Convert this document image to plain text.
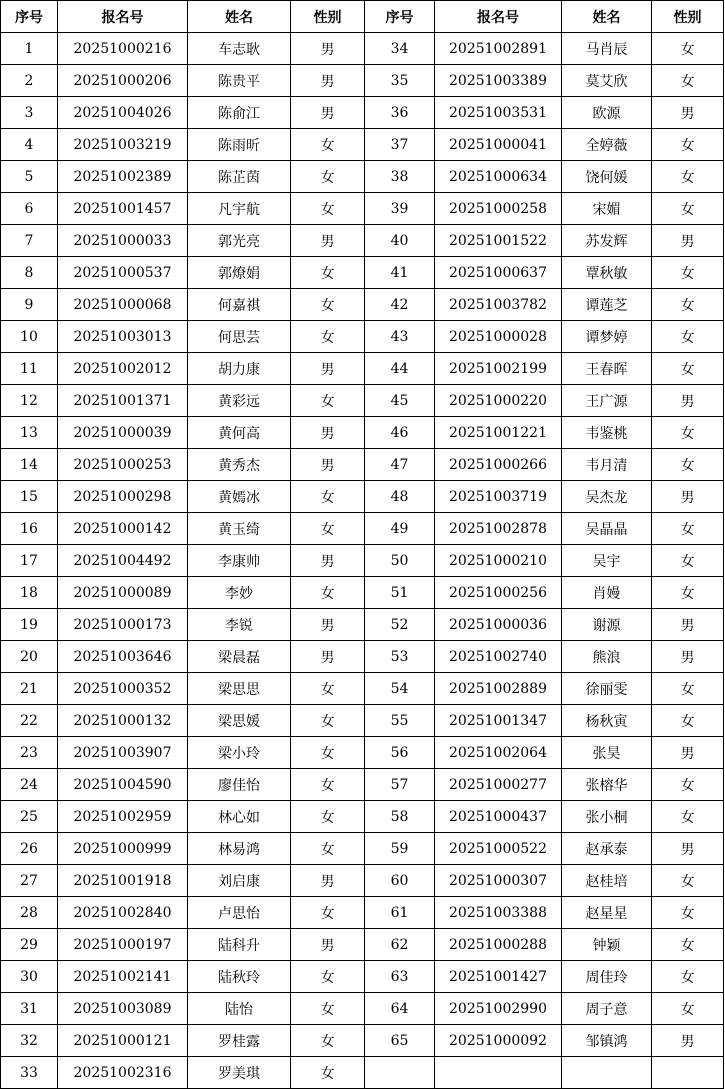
序号	报名号	姓名	性别	序号	报名号	姓名	性别
1	20251000216	车志耿	男	34	20251002891	马肖辰	女
2	20251000206	陈贵平	男	35	20251003389	莫艾欣	女
3	20251004026	陈俞江	男	36	20251003531	欧源	男
4	20251003219	陈雨昕	女	37	20251000041	全婷薇	女
5	20251002389	陈芷茵	女	38	20251000634	饶何媛	女
6	20251001457	凡宇航	女	39	20251000258	宋媚	女
7	20251000033	郭光亮	男	40	20251001522	苏发辉	男
8	20251000537	郭燎娟	女	41	20251000637	覃秋敏	女
9	20251000068	何嘉祺	女	42	20251003782	谭莲芝	女
10	20251003013	何思芸	女	43	20251000028	谭梦婷	女
11	20251002012	胡力康	男	44	20251002199	王春晖	女
12	20251001371	黄彩远	女	45	20251000220	王广源	男
13	20251000039	黄何高	男	46	20251001221	韦鉴桃	女
14	20251000253	黄秀杰	男	47	20251000266	韦月清	女
15	20251000298	黄嫣冰	女	48	20251003719	吴杰龙	男
16	20251000142	黄玉绮	女	49	20251002878	吴晶晶	女
17	20251004492	李康帅	男	50	20251000210	吴宇	女
18	20251000089	李妙	女	51	20251000256	肖嫚	女
19	20251000173	李锐	男	52	20251000036	谢源	男
20	20251003646	梁晨磊	男	53	20251002740	熊浪	男
21	20251000352	梁思思	女	54	20251002889	徐丽雯	女
22	20251000132	梁思媛	女	55	20251001347	杨秋寅	女
23	20251003907	梁小玲	女	56	20251002064	张昊	男
24	20251004590	廖佳怡	女	57	20251000277	张榕华	女
25	20251002959	林心如	女	58	20251000437	张小桐	女
26	20251000999	林易鸿	女	59	20251000522	赵承泰	男
27	20251001918	刘启康	男	60	20251000307	赵桂培	女
28	20251002840	卢思怡	女	61	20251003388	赵星星	女
29	20251000197	陆科升	男	62	20251000288	钟颖	女
30	20251002141	陆秋玲	女	63	20251001427	周佳玲	女
31	20251003089	陆怡	女	64	20251002990	周子意	女
32	20251000121	罗桂露	女	65	20251000092	邹镇鸿	男
33	20251002316	罗美琪	女				
